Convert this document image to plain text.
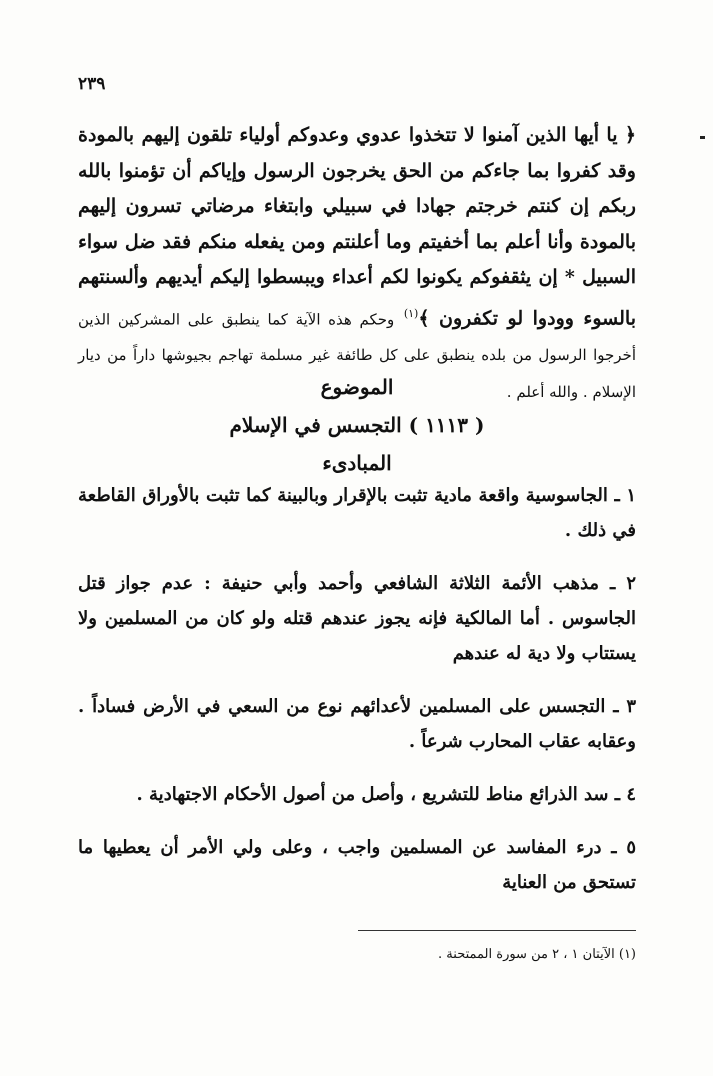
٢٣٩
﴿ يا أيها الذين آمنوا لا تتخذوا عدوي وعدوكم أولياء تلقون إليهم بالمودة وقد كفروا بما جاءكم من الحق يخرجون الرسول وإياكم أن تؤمنوا بالله ربكم إن كنتم خرجتم جهادا في سبيلي وابتغاء مرضاتي تسرون إليهم بالمودة وأنا أعلم بما أخفيتم وما أعلنتم ومن يفعله منكم فقد ضل سواء السبيل * إن يثقفوكم يكونوا لكم أعداء ويبسطوا إليكم أيديهم وألسنتهم بالسوء وودوا لو تكفرون ﴾$^{(١)}$ وحكم هذه الآية كما ينطبق على المشركين الذين أخرجوا الرسول من بلده ينطبق على كل طائفة غير مسلمة تهاجم بجيوشها داراً من ديار الإسلام . والله أعلم .
الموضوع
( ١١١٣ ) التجسس في الإسلام
المبادىء

١ ـ الجاسوسية واقعة مادية تثبت بالإقرار وبالبينة كما تثبت بالأوراق القاطعة في ذلك .

٢ ـ مذهب الأئمة الثلاثة الشافعي وأحمد وأبي حنيفة : عدم جواز قتل الجاسوس . أما المالكية فإنه يجوز عندهم قتله ولو كان من المسلمين ولا يستتاب ولا دية له عندهم

٣ ـ التجسس على المسلمين لأعدائهم نوع من السعي في الأرض فساداً . وعقابه عقاب المحارب شرعاً .

٤ ـ سد الذرائع مناط للتشريع ، وأصل من أصول الأحكام الاجتهادية .

٥ ـ درء المفاسد عن المسلمين واجب ، وعلى ولي الأمر أن يعطيها ما تستحق من العناية

(١) الآيتان ١ ، ٢ من سورة الممتحنة .
